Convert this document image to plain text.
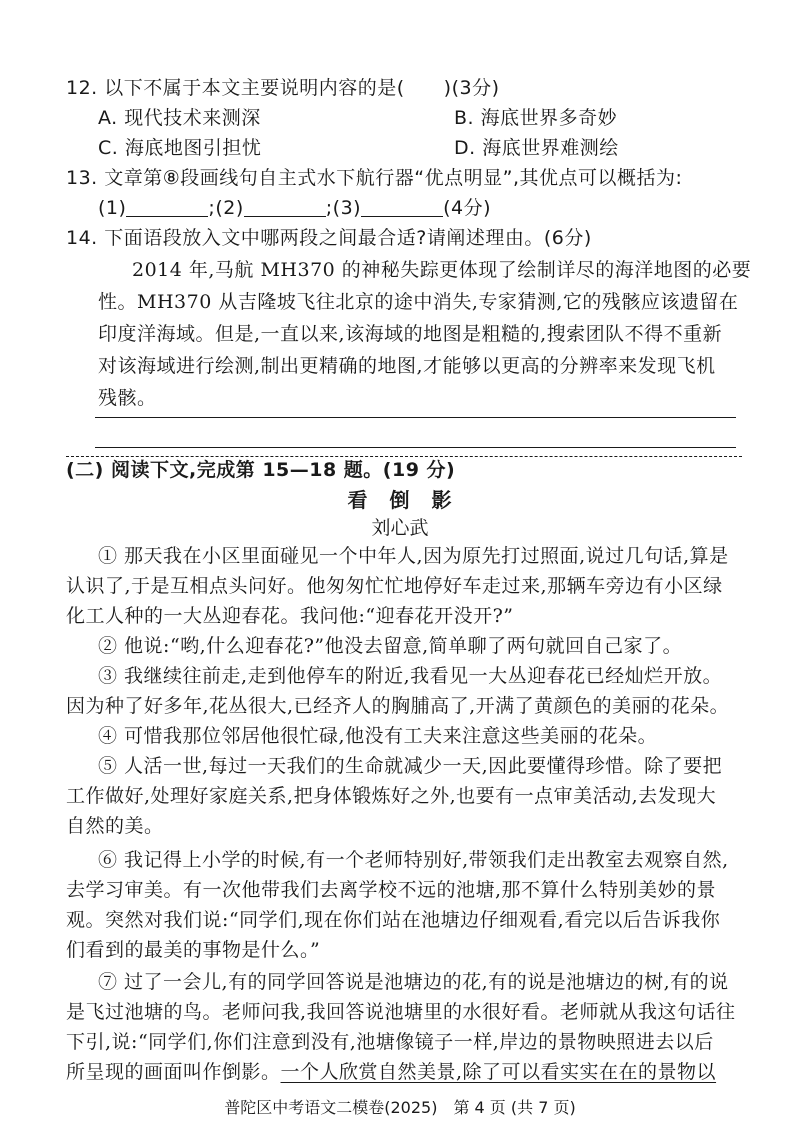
12. 以下不属于本文主要说明内容的是(　　)(3分)
A. 现代技术来测深	B. 海底世界多奇妙
C. 海底地图引担忧	D. 海底世界难测绘
13. 文章第⑧段画线句自主式水下航行器“优点明显”,其优点可以概括为:
(1)	;(2)	;(3)	(4分)
14. 下面语段放入文中哪两段之间最合适?请阐述理由。(6分)
2014 年,马航 MH370 的神秘失踪更体现了绘制详尽的海洋地图的必要
性。MH370 从吉隆坡飞往北京的途中消失,专家猜测,它的残骸应该遗留在
印度洋海域。但是,一直以来,该海域的地图是粗糙的,搜索团队不得不重新
对该海域进行绘测,制出更精确的地图,才能够以更高的分辨率来发现飞机
残骸。
(二) 阅读下文,完成第 15—18 题。(19 分)
看　倒　影
刘心武
① 那天我在小区里面碰见一个中年人,因为原先打过照面,说过几句话,算是
认识了,于是互相点头问好。他匆匆忙忙地停好车走过来,那辆车旁边有小区绿
化工人种的一大丛迎春花。我问他:“迎春花开没开?”
② 他说:“哟,什么迎春花?”他没去留意,简单聊了两句就回自己家了。
③ 我继续往前走,走到他停车的附近,我看见一大丛迎春花已经灿烂开放。
因为种了好多年,花丛很大,已经齐人的胸脯高了,开满了黄颜色的美丽的花朵。
④ 可惜我那位邻居他很忙碌,他没有工夫来注意这些美丽的花朵。
⑤ 人活一世,每过一天我们的生命就减少一天,因此要懂得珍惜。除了要把
工作做好,处理好家庭关系,把身体锻炼好之外,也要有一点审美活动,去发现大
自然的美。
⑥ 我记得上小学的时候,有一个老师特别好,带领我们走出教室去观察自然,
去学习审美。有一次他带我们去离学校不远的池塘,那不算什么特别美妙的景
观。突然对我们说:“同学们,现在你们站在池塘边仔细观看,看完以后告诉我你
们看到的最美的事物是什么。”
⑦ 过了一会儿,有的同学回答说是池塘边的花,有的说是池塘边的树,有的说
是飞过池塘的鸟。老师问我,我回答说池塘里的水很好看。老师就从我这句话往
下引,说:“同学们,你们注意到没有,池塘像镜子一样,岸边的景物映照进去以后
所呈现的画面叫作倒影。一个人欣赏自然美景,除了可以看实实在在的景物以
普陀区中考语文二模卷(2025)　第 4 页 (共 7 页)
